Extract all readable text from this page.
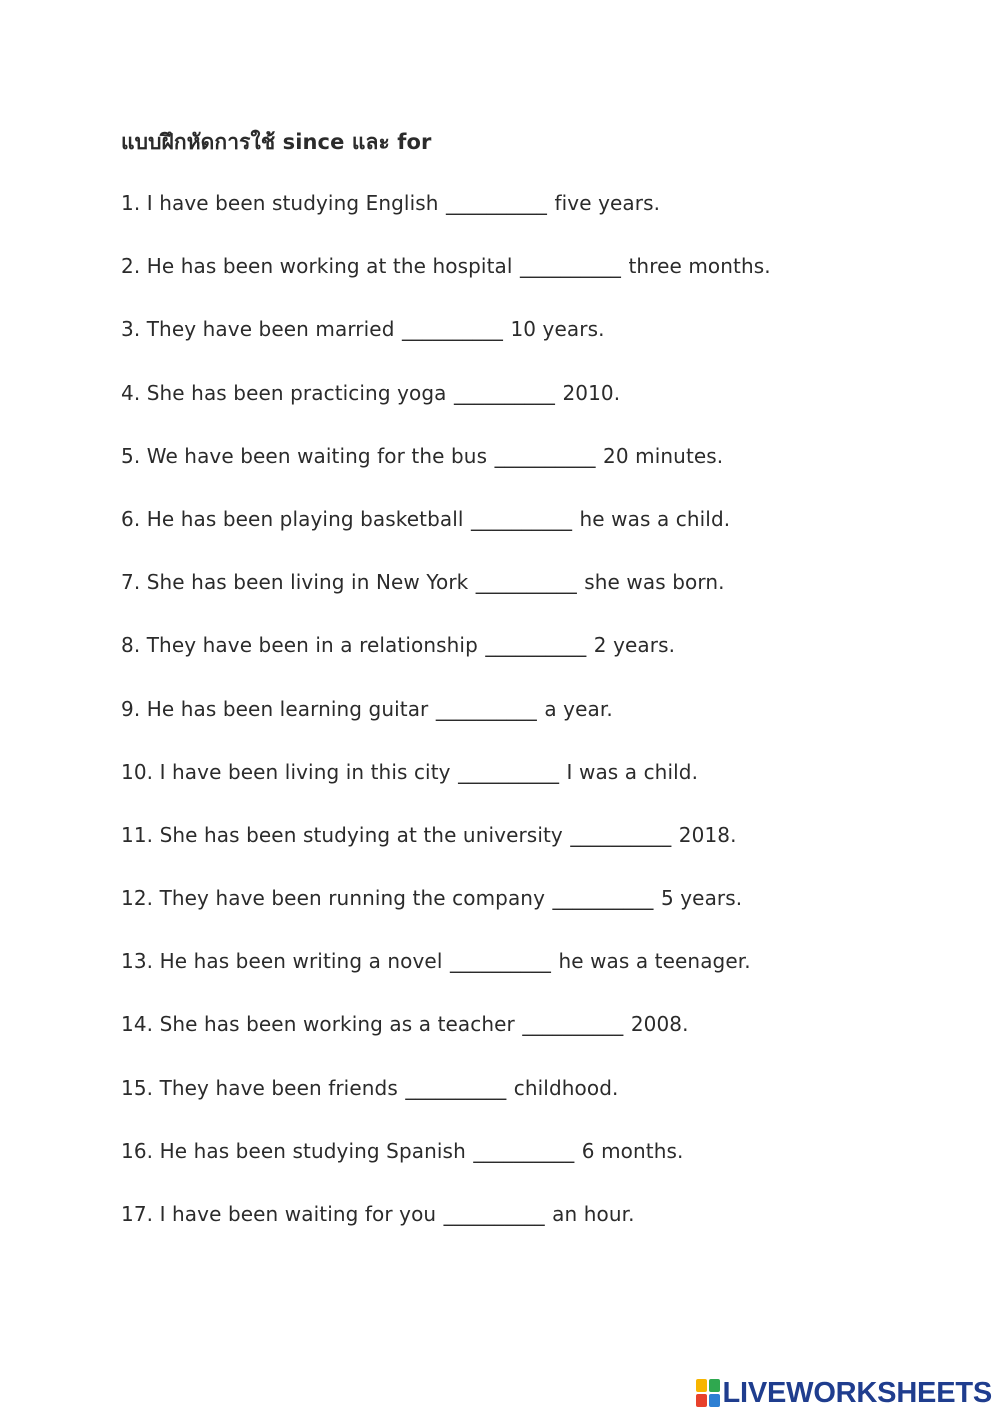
แบบฝึกหัดการใช้ since และ for
1. I have been studying English __________ five years.
2. He has been working at the hospital __________ three months.
3. They have been married __________ 10 years.
4. She has been practicing yoga __________ 2010.
5. We have been waiting for the bus __________ 20 minutes.
6. He has been playing basketball __________ he was a child.
7. She has been living in New York __________ she was born.
8. They have been in a relationship __________ 2 years.
9. He has been learning guitar __________ a year.
10. I have been living in this city __________ I was a child.
11. She has been studying at the university __________ 2018.
12. They have been running the company __________ 5 years.
13. He has been writing a novel __________ he was a teenager.
14. She has been working as a teacher __________ 2008.
15. They have been friends __________ childhood.
16. He has been studying Spanish __________ 6 months.
17. I have been waiting for you __________ an hour.
LIVEWORKSHEETS
